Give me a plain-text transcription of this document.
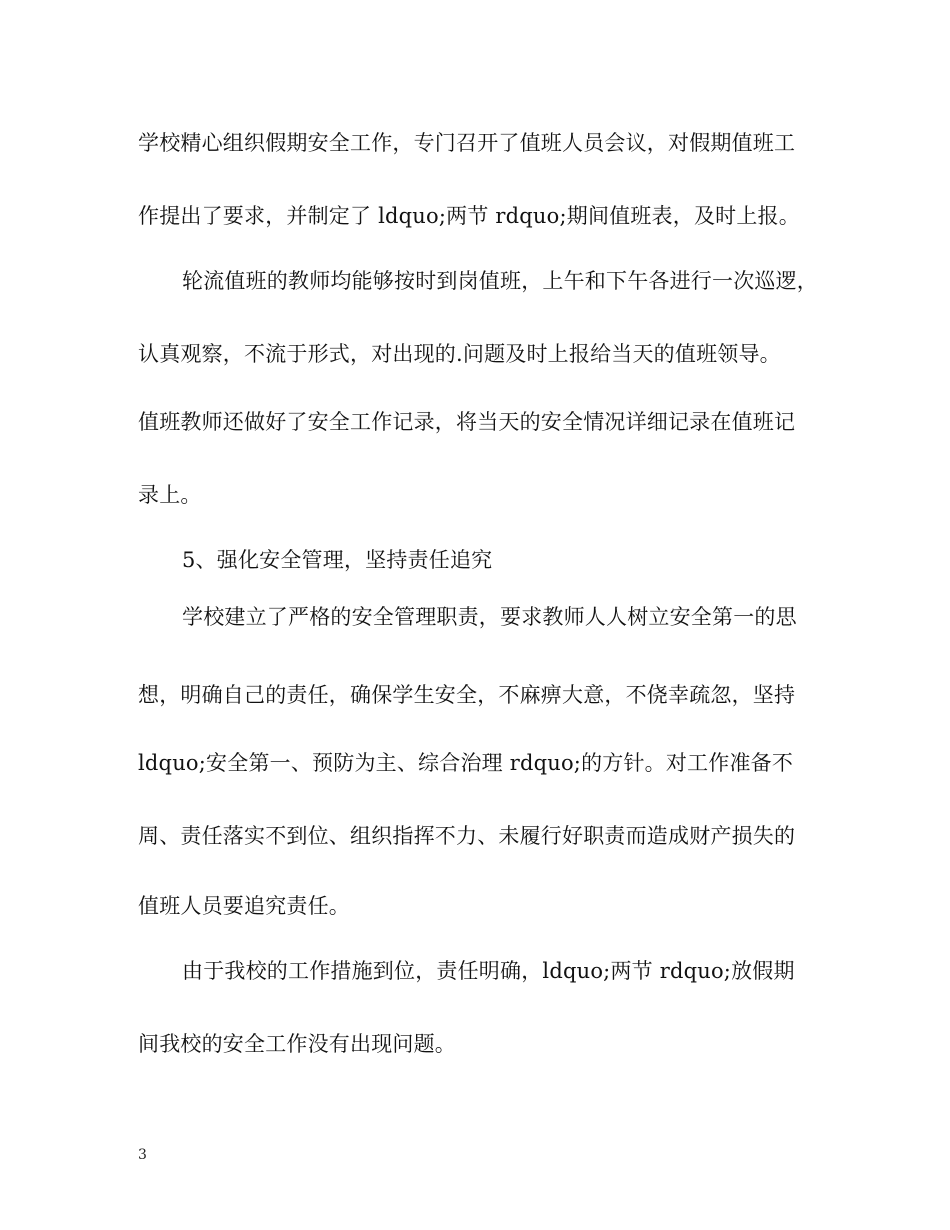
学校精心组织假期安全工作，专门召开了值班人员会议，对假期值班工
作提出了要求，并制定了 ldquo;两节 rdquo;期间值班表，及时上报。
轮流值班的教师均能够按时到岗值班，上午和下午各进行一次巡逻，
认真观察，不流于形式，对出现的.问题及时上报给当天的值班领导。
值班教师还做好了安全工作记录，将当天的安全情况详细记录在值班记
录上。
5、强化安全管理，坚持责任追究
学校建立了严格的安全管理职责，要求教师人人树立安全第一的思
想，明确自己的责任，确保学生安全，不麻痹大意，不侥幸疏忽，坚持
ldquo;安全第一、预防为主、综合治理 rdquo;的方针。对工作准备不
周、责任落实不到位、组织指挥不力、未履行好职责而造成财产损失的
值班人员要追究责任。
由于我校的工作措施到位，责任明确，ldquo;两节 rdquo;放假期
间我校的安全工作没有出现问题。
3
